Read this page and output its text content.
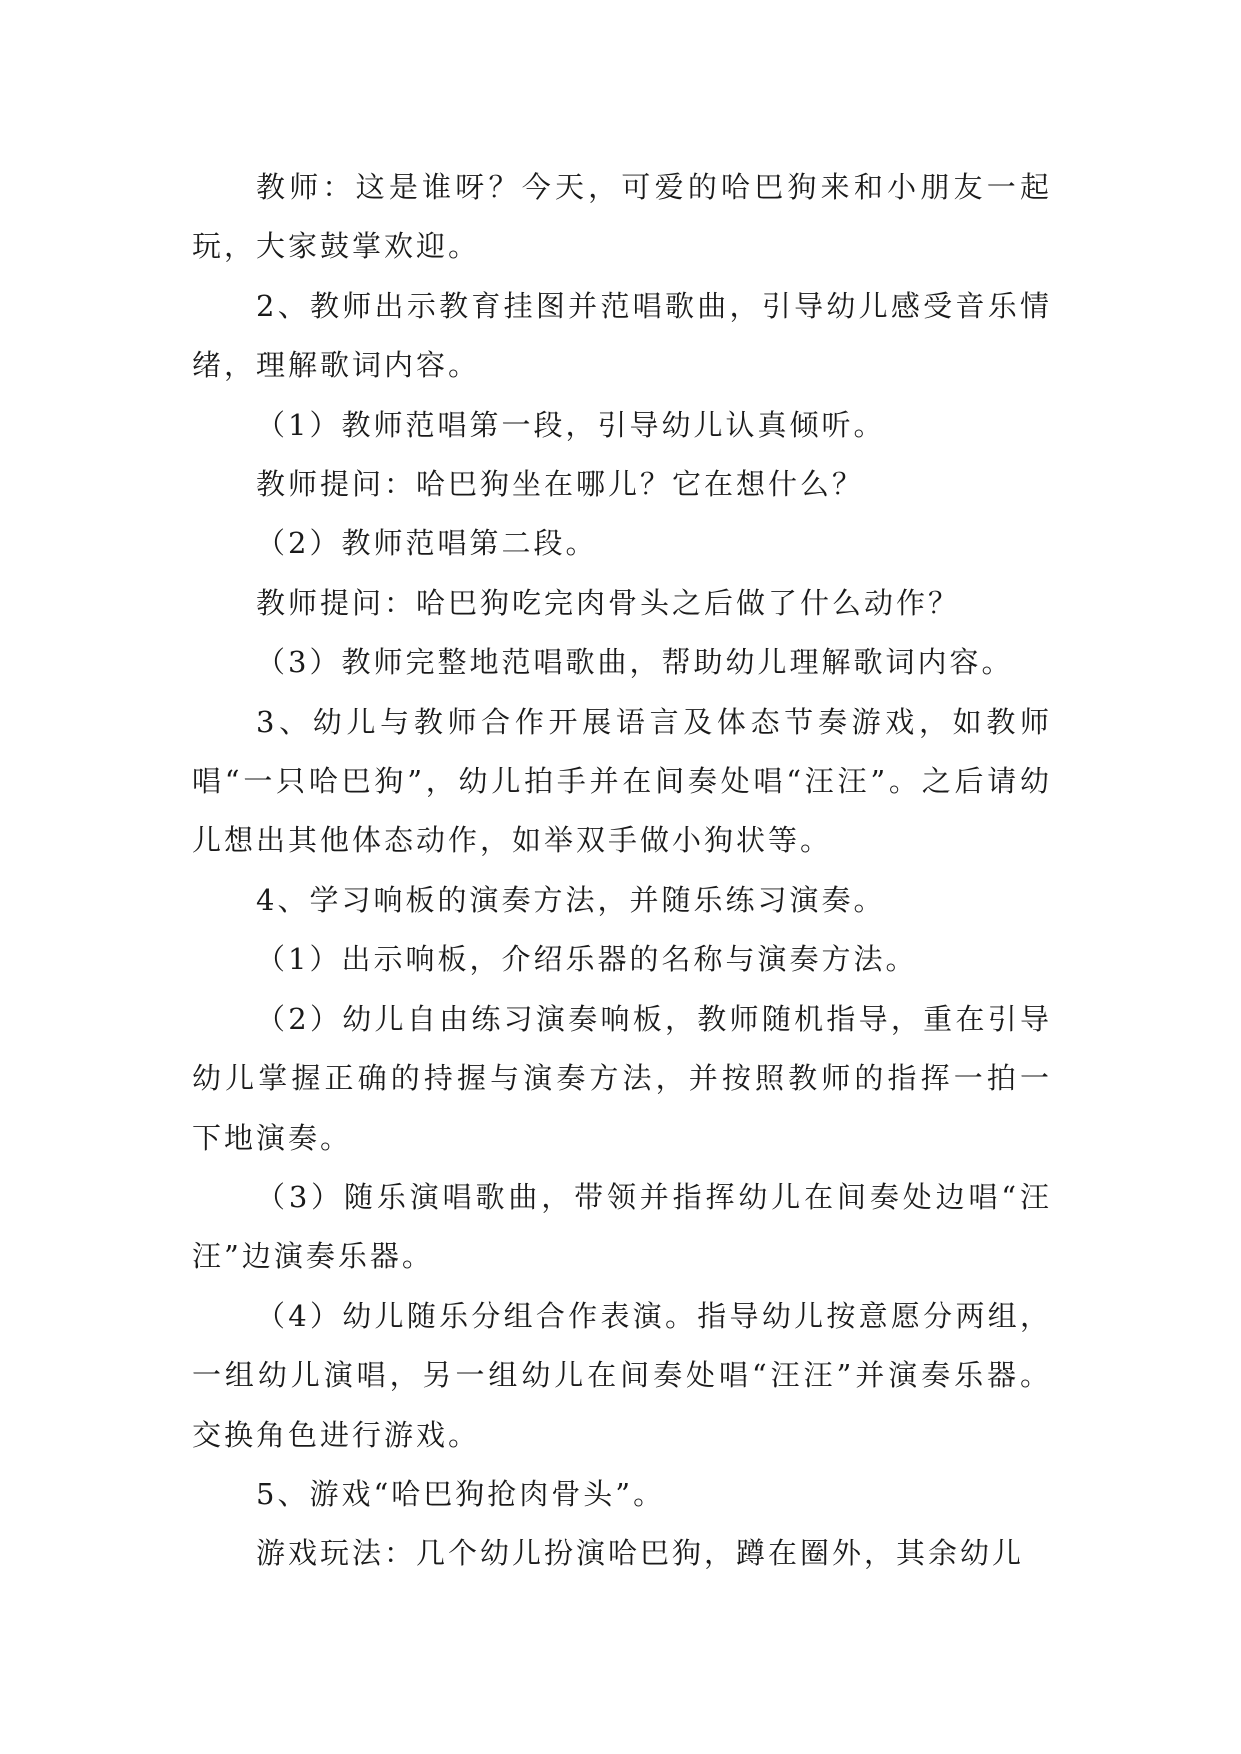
教师：这是谁呀？今天，可爱的哈巴狗来和小朋友一起玩，大家鼓掌欢迎。

2、教师出示教育挂图并范唱歌曲，引导幼儿感受音乐情绪，理解歌词内容。

（1）教师范唱第一段，引导幼儿认真倾听。

教师提问：哈巴狗坐在哪儿？它在想什么？

（2）教师范唱第二段。

教师提问：哈巴狗吃完肉骨头之后做了什么动作？

（3）教师完整地范唱歌曲，帮助幼儿理解歌词内容。

3、幼儿与教师合作开展语言及体态节奏游戏，如教师唱“一只哈巴狗”，幼儿拍手并在间奏处唱“汪汪”。之后请幼儿想出其他体态动作，如举双手做小狗状等。

4、学习响板的演奏方法，并随乐练习演奏。

（1）出示响板，介绍乐器的名称与演奏方法。

（2）幼儿自由练习演奏响板，教师随机指导，重在引导幼儿掌握正确的持握与演奏方法，并按照教师的指挥一拍一下地演奏。

（3）随乐演唱歌曲，带领并指挥幼儿在间奏处边唱“汪汪”边演奏乐器。

（4）幼儿随乐分组合作表演。指导幼儿按意愿分两组，一组幼儿演唱，另一组幼儿在间奏处唱“汪汪”并演奏乐器。交换角色进行游戏。

5、游戏“哈巴狗抢肉骨头”。

游戏玩法：几个幼儿扮演哈巴狗，蹲在圈外，其余幼儿
